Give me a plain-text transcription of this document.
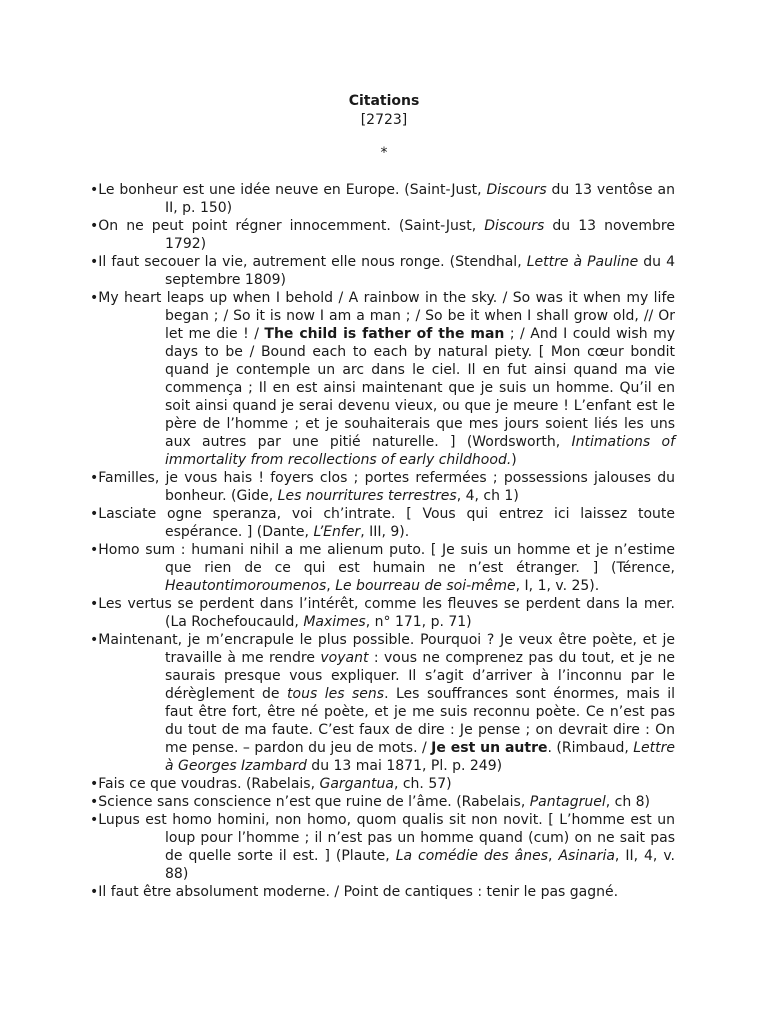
Citations
[2723]
*

•Le bonheur est une idée neuve en Europe. (Saint-Just, Discours du 13 ventôse an II, p. 150)

•On ne peut point régner innocemment. (Saint-Just, Discours du 13 novembre 1792)

•Il faut secouer la vie, autrement elle nous ronge. (Stendhal, Lettre à Pauline du 4 septembre 1809)

•My heart leaps up when I behold / A rainbow in the sky. / So was it when my life began ; / So it is now I am a man ; / So be it when I shall grow old, // Or let me die ! / The child is father of the man ; / And I could wish my days to be / Bound each to each by natural piety. [ Mon cœur bondit quand je contemple un arc dans le ciel. Il en fut ainsi quand ma vie commença ; Il en est ainsi maintenant que je suis un homme. Qu’il en soit ainsi quand je serai devenu vieux, ou que je meure ! L’enfant est le père de l’homme ; et je souhaiterais que mes jours soient liés les uns aux autres par une pitié naturelle. ] (Wordsworth, Intimations of immortality from recollections of early childhood.)

•Familles, je vous hais ! foyers clos ; portes refermées ; possessions jalouses du bonheur. (Gide, Les nourritures terrestres, 4, ch 1)

•Lasciate ogne speranza, voi ch’intrate. [ Vous qui entrez ici laissez toute espérance. ] (Dante, L’Enfer, III, 9).

•Homo sum : humani nihil a me alienum puto. [ Je suis un homme et je n’estime que rien de ce qui est humain ne n’est étranger. ] (Térence, Heautontimoroumenos, Le bourreau de soi-même, I, 1, v. 25).

•Les vertus se perdent dans l’intérêt, comme les fleuves se perdent dans la mer. (La Rochefoucauld, Maximes, n° 171, p. 71)

•Maintenant, je m’encrapule le plus possible. Pourquoi ? Je veux être poète, et je travaille à me rendre voyant : vous ne comprenez pas du tout, et je ne saurais presque vous expliquer. Il s’agit d’arriver à l’inconnu par le dérèglement de tous les sens. Les souffrances sont énormes, mais il faut être fort, être né poète, et je me suis reconnu poète. Ce n’est pas du tout de ma faute. C’est faux de dire : Je pense ; on devrait dire : On me pense. – pardon du jeu de mots. / Je est un autre. (Rimbaud, Lettre à Georges Izambard du 13 mai 1871, Pl. p. 249)

•Fais ce que voudras. (Rabelais, Gargantua, ch. 57)

•Science sans conscience n’est que ruine de l’âme. (Rabelais, Pantagruel, ch 8)

•Lupus est homo homini, non homo, quom qualis sit non novit. [ L’homme est un loup pour l’homme ; il n’est pas un homme quand (cum) on ne sait pas de quelle sorte il est. ] (Plaute, La comédie des ânes, Asinaria, II, 4, v. 88)

•Il faut être absolument moderne. / Point de cantiques : tenir le pas gagné.
